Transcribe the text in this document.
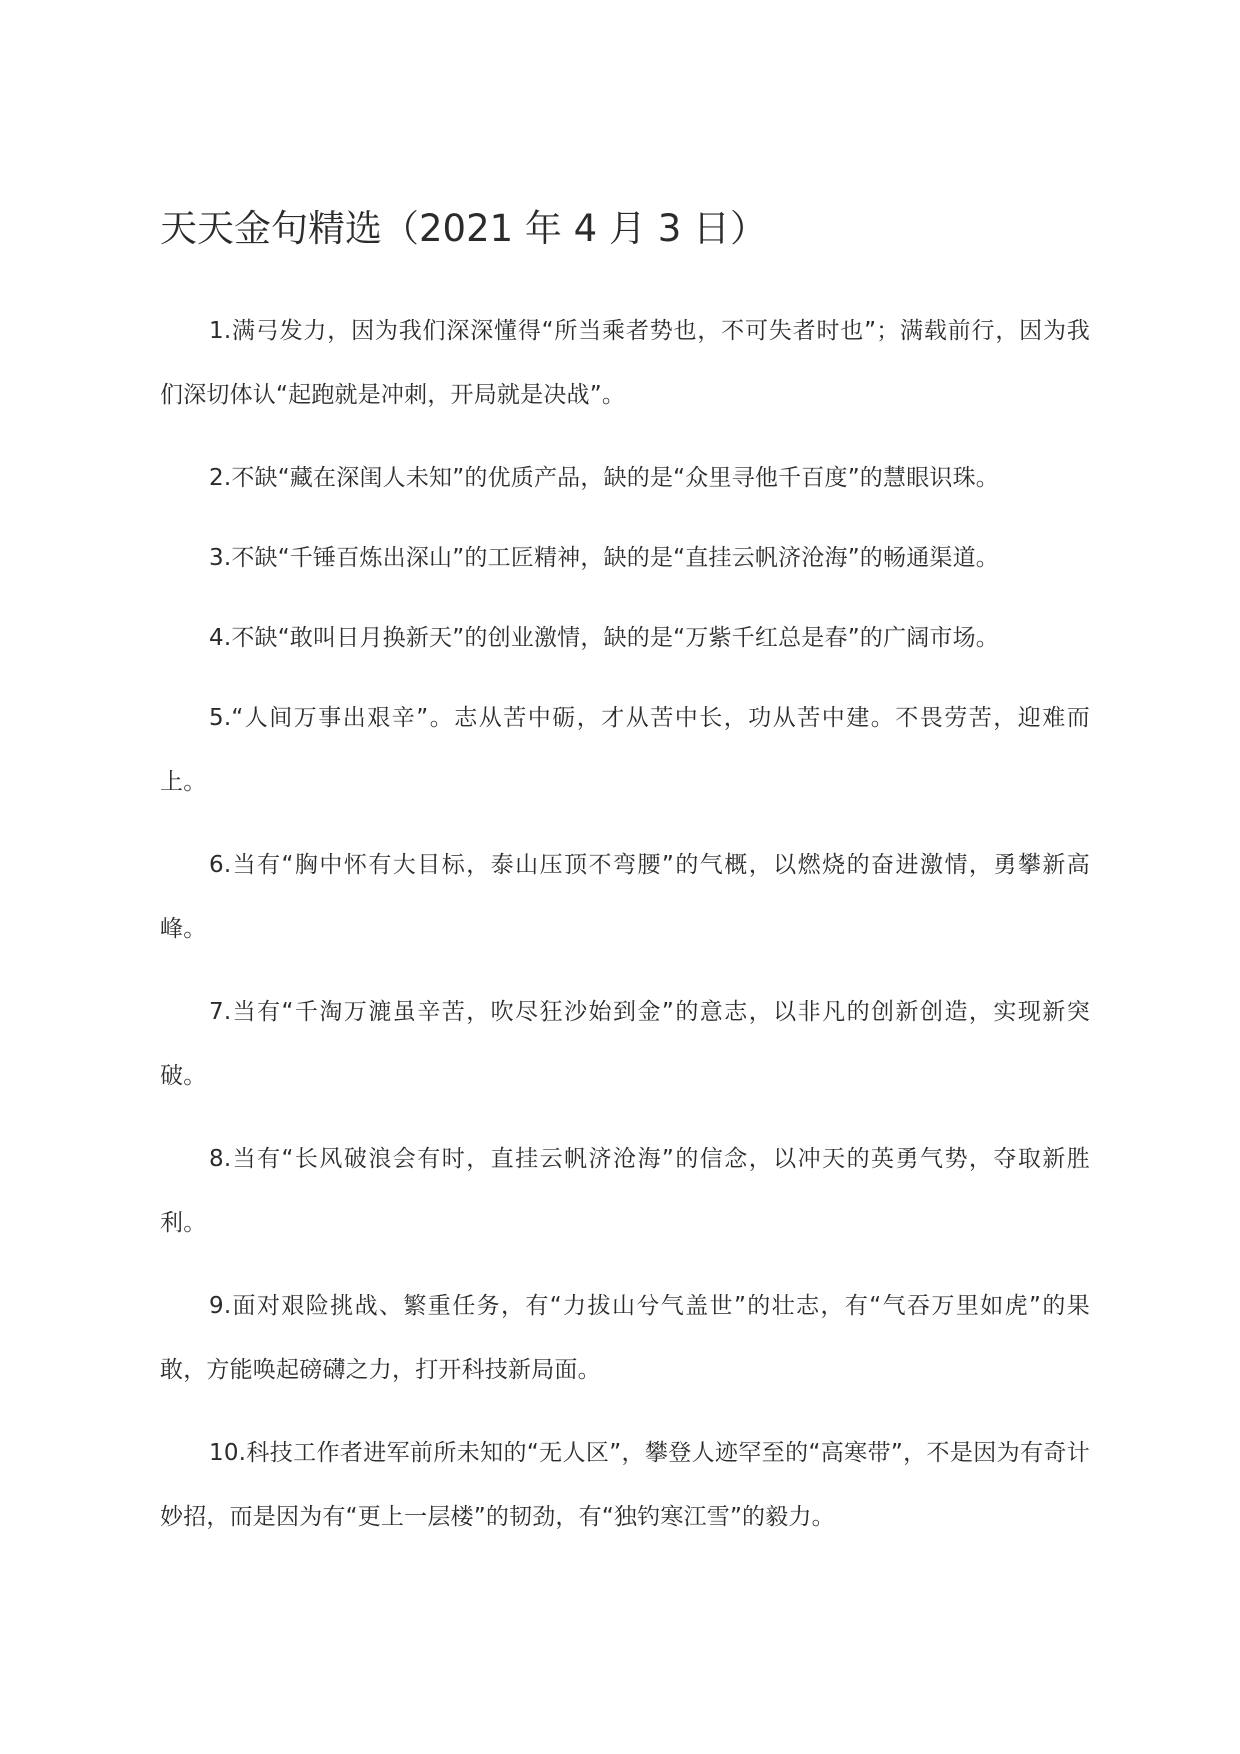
天天金句精选（2021 年 4 月 3 日）

1.满弓发力，因为我们深深懂得“所当乘者势也，不可失者时也”；满载前行，因为我们深切体认“起跑就是冲刺，开局就是决战”。

2.不缺“藏在深闺人未知”的优质产品，缺的是“众里寻他千百度”的慧眼识珠。

3.不缺“千锤百炼出深山”的工匠精神，缺的是“直挂云帆济沧海”的畅通渠道。

4.不缺“敢叫日月换新天”的创业激情，缺的是“万紫千红总是春”的广阔市场。

5.“人间万事出艰辛”。志从苦中砺，才从苦中长，功从苦中建。不畏劳苦，迎难而上。

6.当有“胸中怀有大目标，泰山压顶不弯腰”的气概，以燃烧的奋进激情，勇攀新高峰。

7.当有“千淘万漉虽辛苦，吹尽狂沙始到金”的意志，以非凡的创新创造，实现新突破。

8.当有“长风破浪会有时，直挂云帆济沧海”的信念，以冲天的英勇气势，夺取新胜利。

9.面对艰险挑战、繁重任务，有“力拔山兮气盖世”的壮志，有“气吞万里如虎”的果敢，方能唤起磅礴之力，打开科技新局面。

10.科技工作者进军前所未知的“无人区”，攀登人迹罕至的“高寒带”，不是因为有奇计妙招，而是因为有“更上一层楼”的韧劲，有“独钓寒江雪”的毅力。
